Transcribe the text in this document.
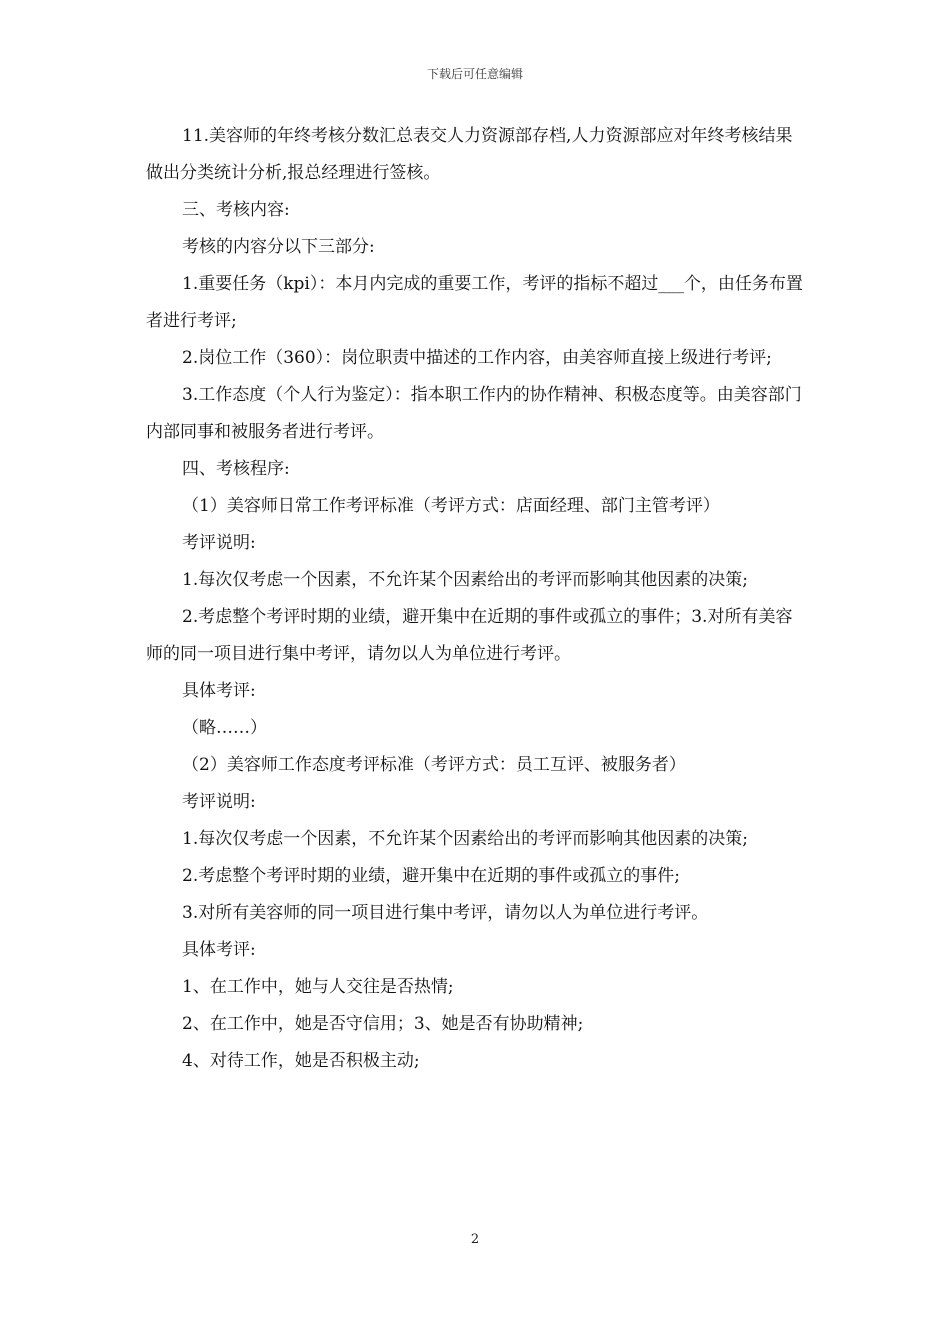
下载后可任意编辑

11.美容师的年终考核分数汇总表交人力资源部存档,人力资源部应对年终考核结果做出分类统计分析,报总经理进行签核。

三、考核内容:

考核的内容分以下三部分:

1.重要任务（kpi）：本月内完成的重要工作，考评的指标不超过___个，由任务布置者进行考评;

2.岗位工作（360）：岗位职责中描述的工作内容，由美容师直接上级进行考评;

3.工作态度（个人行为鉴定）：指本职工作内的协作精神、积极态度等。由美容部门内部同事和被服务者进行考评。

四、考核程序:

（1）美容师日常工作考评标准（考评方式：店面经理、部门主管考评）

考评说明:

1.每次仅考虑一个因素，不允许某个因素给出的考评而影响其他因素的决策;

2.考虑整个考评时期的业绩，避开集中在近期的事件或孤立的事件；3.对所有美容师的同一项目进行集中考评，请勿以人为单位进行考评。

具体考评:

（略……）

（2）美容师工作态度考评标准（考评方式：员工互评、被服务者）

考评说明:

1.每次仅考虑一个因素，不允许某个因素给出的考评而影响其他因素的决策;

2.考虑整个考评时期的业绩，避开集中在近期的事件或孤立的事件;

3.对所有美容师的同一项目进行集中考评，请勿以人为单位进行考评。

具体考评:

1、在工作中，她与人交往是否热情;

2、在工作中，她是否守信用；3、她是否有协助精神;

4、对待工作，她是否积极主动;

2
